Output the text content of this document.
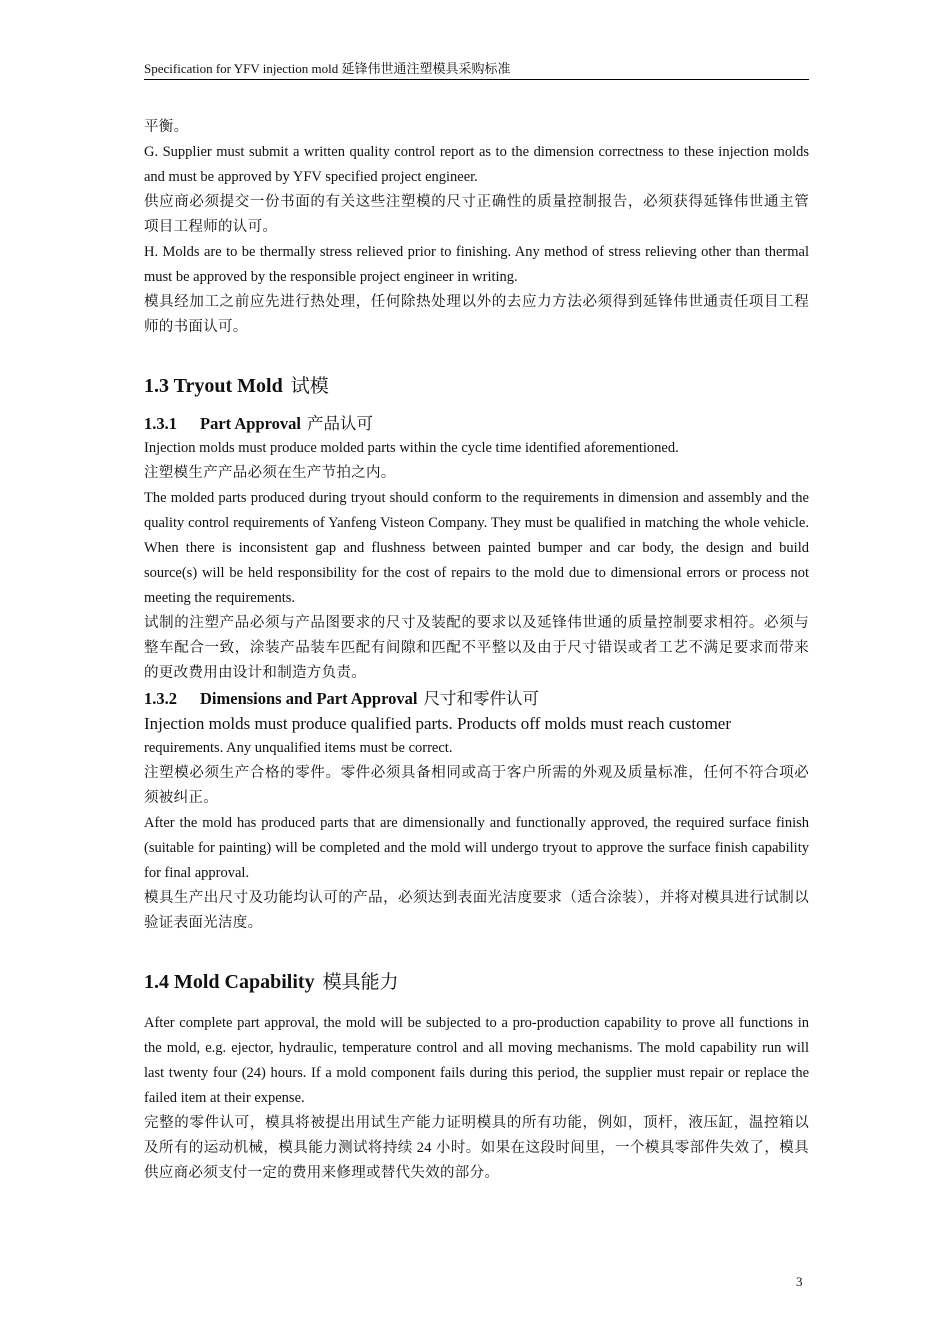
Specification for YFV injection mold 延锋伟世通注塑模具采购标准

平衡。

G. Supplier must submit a written quality control report as to the dimension correctness to these injection molds and must be approved by YFV specified project engineer.

供应商必须提交一份书面的有关这些注塑模的尺寸正确性的质量控制报告，必须获得延锋伟世通主管项目工程师的认可。

H. Molds are to be thermally stress relieved prior to finishing. Any method of stress relieving other than thermal must be approved by the responsible project engineer in writing.

模具经加工之前应先进行热处理，任何除热处理以外的去应力方法必须得到延锋伟世通责任项目工程师的书面认可。

1.3 Tryout Mold 试模
1.3.1 Part Approval 产品认可

Injection molds must produce molded parts within the cycle time identified aforementioned.

注塑模生产产品必须在生产节拍之内。

The molded parts produced during tryout should conform to the requirements in dimension and assembly and the quality control requirements of Yanfeng Visteon Company. They must be qualified in matching the whole vehicle. When there is inconsistent gap and flushness between painted bumper and car body, the design and build source(s) will be held responsibility for the cost of repairs to the mold due to dimensional errors or process not meeting the requirements.

试制的注塑产品必须与产品图要求的尺寸及装配的要求以及延锋伟世通的质量控制要求相符。必须与整车配合一致，涂装产品装车匹配有间隙和匹配不平整以及由于尺寸错误或者工艺不满足要求而带来的更改费用由设计和制造方负责。

1.3.2 Dimensions and Part Approval 尺寸和零件认可

Injection molds must produce qualified parts. Products off molds must reach customer

requirements. Any unqualified items must be correct.

注塑模必须生产合格的零件。零件必须具备相同或高于客户所需的外观及质量标准，任何不符合项必须被纠正。

After the mold has produced parts that are dimensionally and functionally approved, the required surface finish (suitable for painting) will be completed and the mold will undergo tryout to approve the surface finish capability for final approval.

模具生产出尺寸及功能均认可的产品，必须达到表面光洁度要求（适合涂装），并将对模具进行试制以验证表面光洁度。

1.4 Mold Capability 模具能力

After complete part approval, the mold will be subjected to a pro-production capability to prove all functions in the mold, e.g. ejector, hydraulic, temperature control and all moving mechanisms. The mold capability run will last twenty four (24) hours. If a mold component fails during this period, the supplier must repair or replace the failed item at their expense.

完整的零件认可，模具将被提出用试生产能力证明模具的所有功能，例如，顶杆，液压缸，温控箱以及所有的运动机械，模具能力测试将持续 24 小时。如果在这段时间里，一个模具零部件失效了，模具供应商必须支付一定的费用来修理或替代失效的部分。

3
